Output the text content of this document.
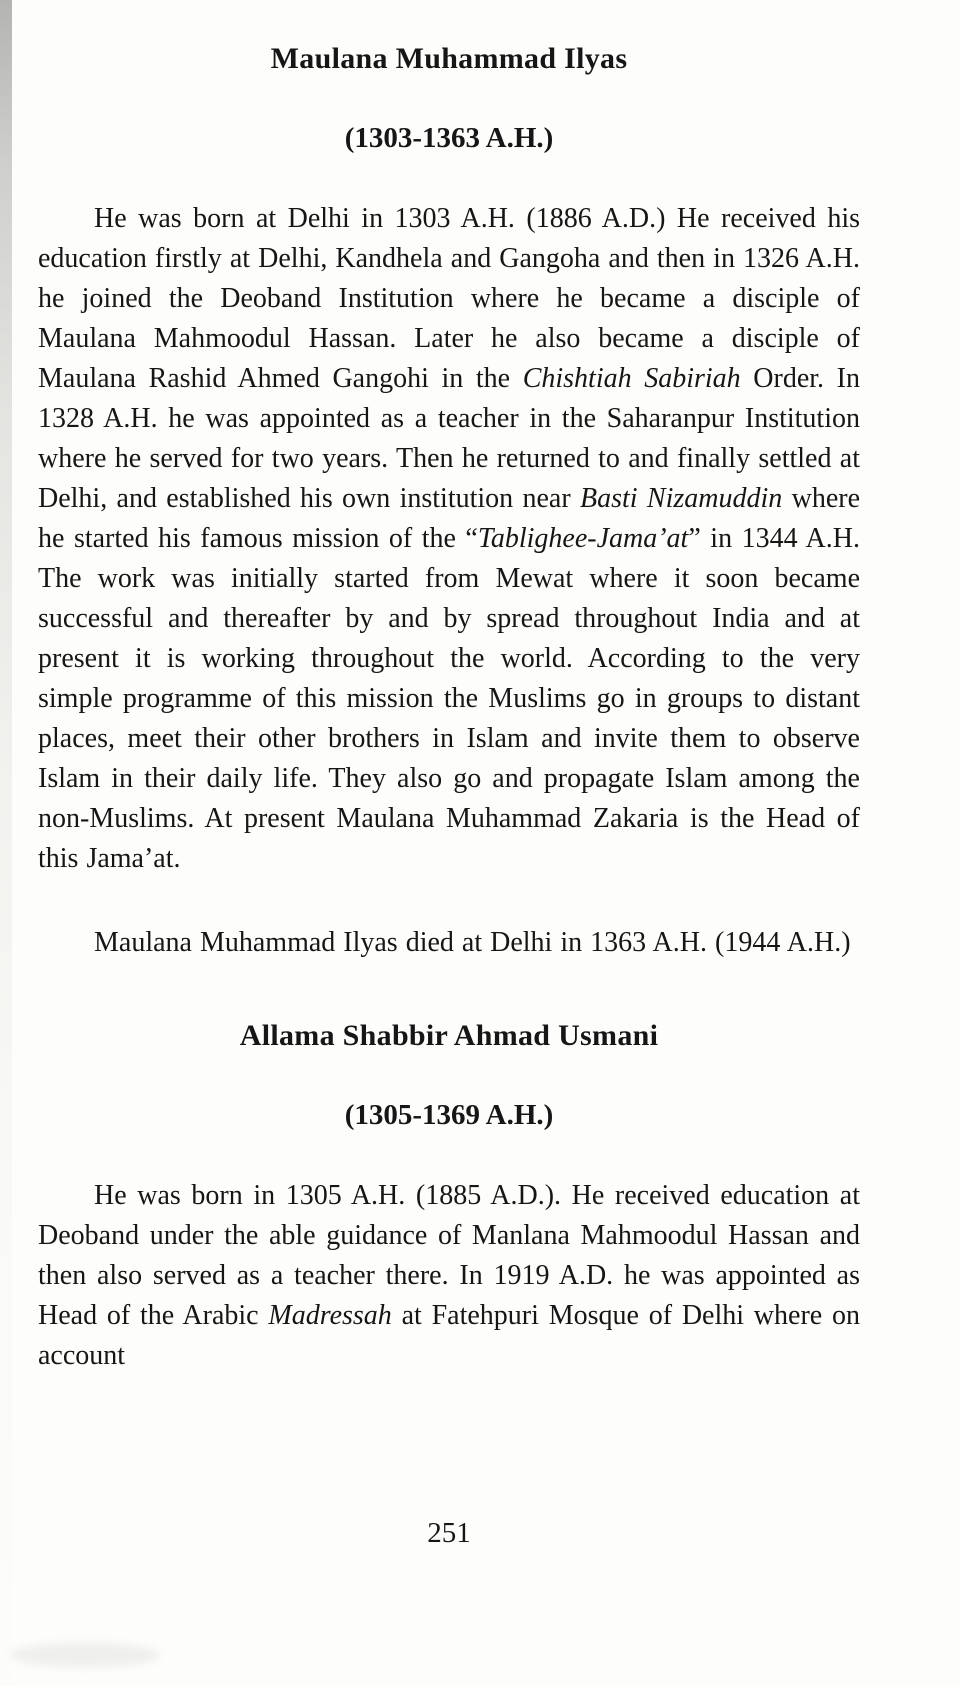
Maulana Muhammad Ilyas
(1303-1363 A.H.)

He was born at Delhi in 1303 A.H. (1886 A.D.) He received his education firstly at Delhi, Kandhela and Gangoha and then in 1326 A.H. he joined the Deoband Institution where he became a disciple of Maulana Mahmoodul Hassan. Later he also became a disciple of Maulana Rashid Ahmed Gangohi in the Chishtiah Sabiriah Order. In 1328 A.H. he was appointed as a teacher in the Saharanpur Institution where he served for two years. Then he returned to and finally settled at Delhi, and established his own institution near Basti Nizamuddin where he started his famous mission of the “Tablighee-Jama’at” in 1344 A.H. The work was initially started from Mewat where it soon became successful and thereafter by and by spread throughout India and at present it is working throughout the world. According to the very simple programme of this mission the Muslims go in groups to distant places, meet their other brothers in Islam and invite them to observe Islam in their daily life. They also go and propagate Islam among the non-Muslims. At present Maulana Muhammad Zakaria is the Head of this Jama’at.

Maulana Muhammad Ilyas died at Delhi in 1363 A.H. (1944 A.H.)

Allama Shabbir Ahmad Usmani
(1305-1369 A.H.)

He was born in 1305 A.H. (1885 A.D.). He received education at Deoband under the able guidance of Manlana Mahmoodul Hassan and then also served as a teacher there. In 1919 A.D. he was appointed as Head of the Arabic Madressah at Fatehpuri Mosque of Delhi where on account

251
